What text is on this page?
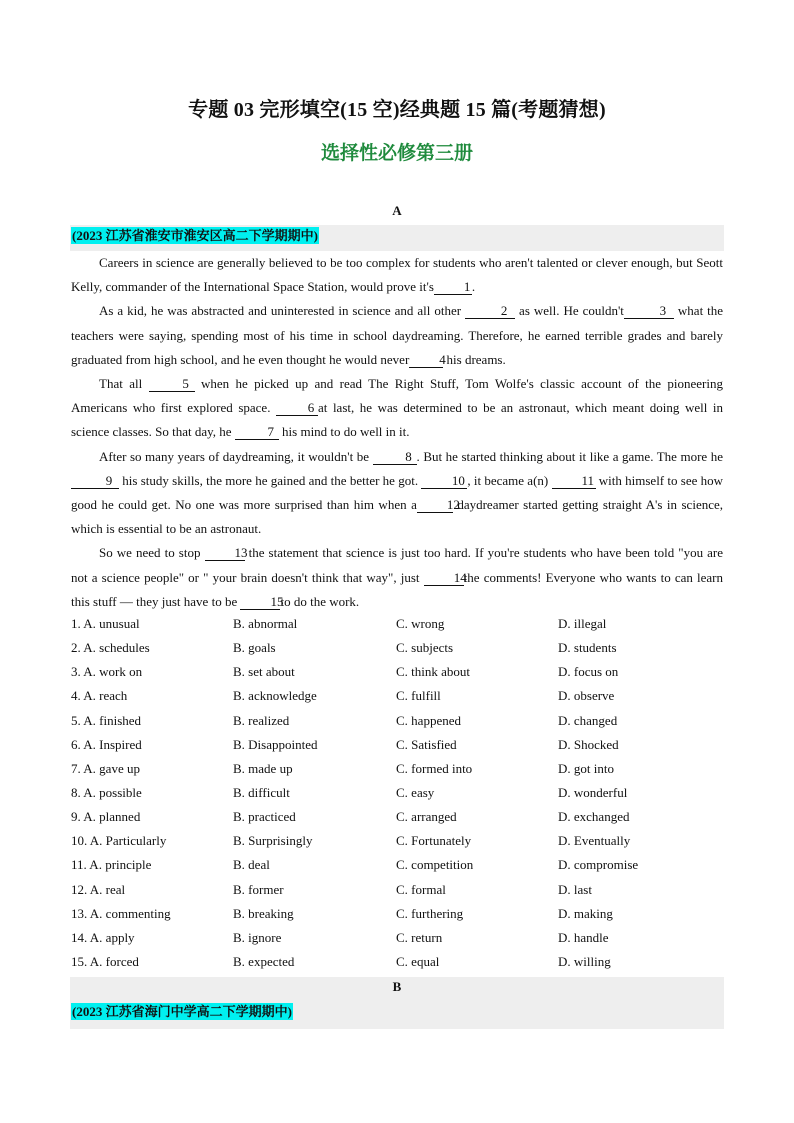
专题 03 完形填空(15 空)经典题 15 篇(考题猜想)
选择性必修第三册
A
(2023 江苏省淮安市淮安区高二下学期期中)

Careers in science are generally believed to be too complex for students who aren't talented or clever enough, but Seott Kelly, commander of the International Space Station, would prove it's 1 .

As a kid, he was abstracted and uninterested in science and all other	2 as well. He couldn't	3 what the teachers were saying, spending most of his time in school daydreaming. Therefore, he earned terrible grades and barely graduated from high school, and he even thought he would never 4 his dreams.

That all	5 when he picked up and read The Right Stuff, Tom Wolfe's classic account of the pioneering Americans who first explored space.	6 at last, he was determined to be an astronaut, which meant doing well in science classes. So that day, he	7 his mind to do well in it.

After so many years of daydreaming, it wouldn't be	8 . But he started thinking about it like a game. The more he 9 his study skills, the more he gained and the better he got.	10 , it became a(n)	11 with himself to see how good he could get. No one was more surprised than him when a 12 daydreamer started getting straight A's in science, which is essential to be an astronaut.

So we need to stop	13 the statement that science is just too hard. If you're students who have been told "you are not a science people" or " your brain doesn't think that way", just	14the comments! Everyone who wants to can learn this stuff — they just have to be	15to do the work.

1. A. unusual	B. abnormal	C. wrong	D. illegal
2. A. schedules	B. goals	C. subjects	D. students
3. A. work on	B. set about	C. think about	D. focus on
4. A. reach	B. acknowledge	C. fulfill	D. observe
5. A. finished	B. realized	C. happened	D. changed
6. A. Inspired	B. Disappointed	C. Satisfied	D. Shocked
7. A. gave up	B. made up	C. formed into	D. got into
8. A. possible	B. difficult	C. easy	D. wonderful
9. A. planned	B. practiced	C. arranged	D. exchanged
10. A. Particularly	B. Surprisingly	C. Fortunately	D. Eventually
11. A. principle	B. deal	C. competition	D. compromise
12. A. real	B. former	C. formal	D. last
13. A. commenting	B. breaking	C. furthering	D. making
14. A. apply	B. ignore	C. return	D. handle
15. A. forced	B. expected	C. equal	D. willing
B
(2023 江苏省海门中学高二下学期期中)
